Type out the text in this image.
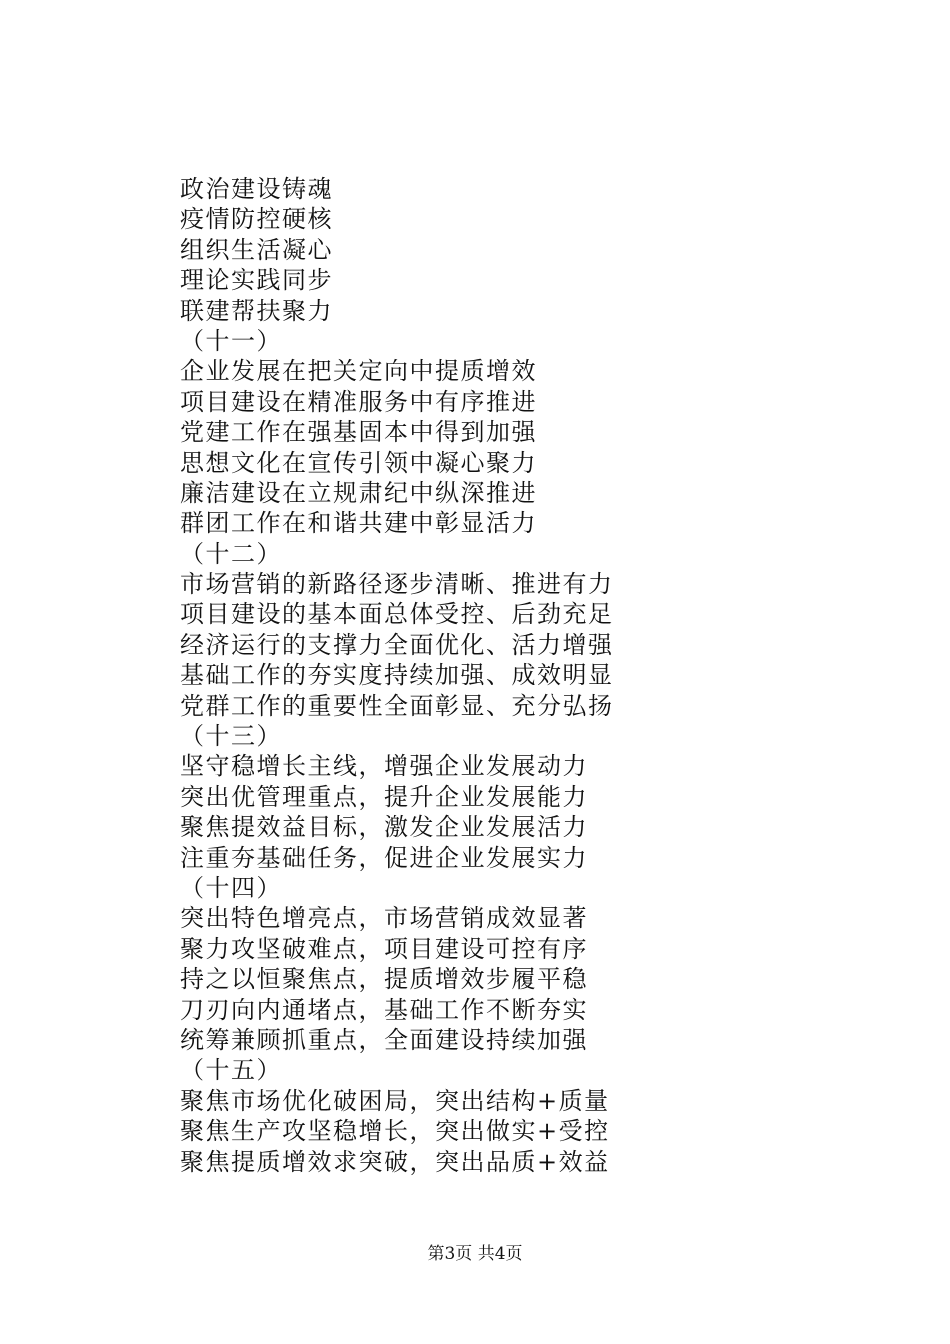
政治建设铸魂
疫情防控硬核
组织生活凝心
理论实践同步
联建帮扶聚力
（十一）
企业发展在把关定向中提质增效
项目建设在精准服务中有序推进
党建工作在强基固本中得到加强
思想文化在宣传引领中凝心聚力
廉洁建设在立规肃纪中纵深推进
群团工作在和谐共建中彰显活力
（十二）
市场营销的新路径逐步清晰、推进有力
项目建设的基本面总体受控、后劲充足
经济运行的支撑力全面优化、活力增强
基础工作的夯实度持续加强、成效明显
党群工作的重要性全面彰显、充分弘扬
（十三）
坚守稳增长主线，增强企业发展动力
突出优管理重点，提升企业发展能力
聚焦提效益目标，激发企业发展活力
注重夯基础任务，促进企业发展实力
（十四）
突出特色增亮点，市场营销成效显著
聚力攻坚破难点，项目建设可控有序
持之以恒聚焦点，提质增效步履平稳
刀刃向内通堵点，基础工作不断夯实
统筹兼顾抓重点，全面建设持续加强
（十五）
聚焦市场优化破困局，突出结构+质量
聚焦生产攻坚稳增长，突出做实+受控
聚焦提质增效求突破，突出品质+效益
第3页 共4页
